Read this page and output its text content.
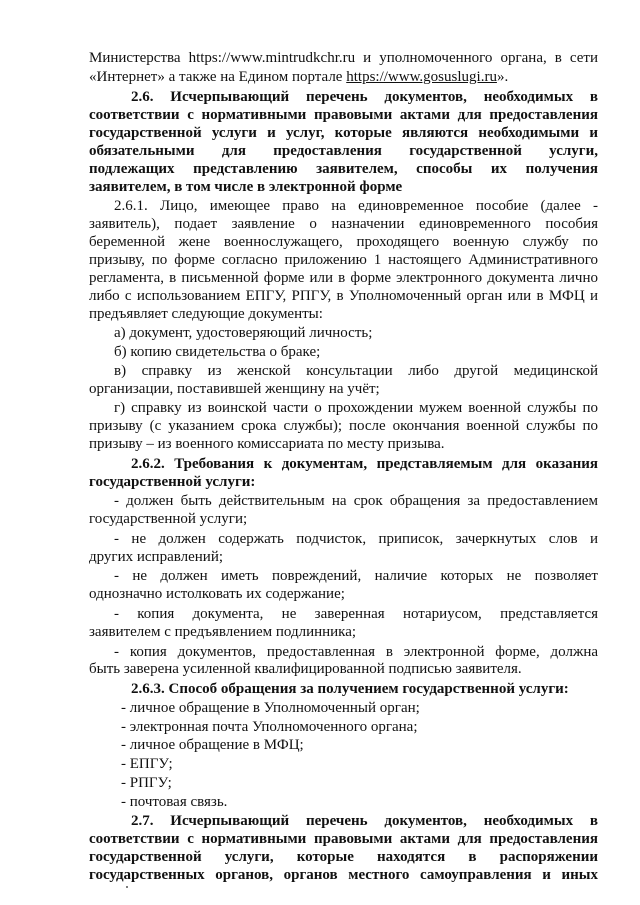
Министерства https://www.mintrudkchr.ru и уполномоченного органа, в сети
«Интернет» а также на Едином портале https://www.gosuslugi.ru».
2.6. Исчерпывающий перечень документов, необходимых в
соответствии с нормативными правовыми актами для предоставления
государственной услуги и услуг, которые являются необходимыми и
обязательными для предоставления государственной услуги,
подлежащих представлению заявителем, способы их получения
заявителем, в том числе в электронной форме
2.6.1. Лицо, имеющее право на единовременное пособие (далее -
заявитель), подает заявление о назначении единовременного пособия
беременной жене военнослужащего, проходящего военную службу по
призыву, по форме согласно приложению 1 настоящего Административного
регламента, в письменной форме или в форме электронного документа лично
либо с использованием ЕПГУ, РПГУ, в Уполномоченный орган или в МФЦ и
предъявляет следующие документы:
а) документ, удостоверяющий личность;
б) копию свидетельства о браке;
в) справку из женской консультации либо другой медицинской
организации, поставившей женщину на учёт;
г) справку из воинской части о прохождении мужем военной службы по
призыву (с указанием срока службы); после окончания военной службы по
призыву – из военного комиссариата по месту призыва.
2.6.2. Требования к документам, представляемым для оказания
государственной услуги:
- должен быть действительным на срок обращения за предоставлением
государственной услуги;
- не должен содержать подчисток, приписок, зачеркнутых слов и
других исправлений;
- не должен иметь повреждений, наличие которых не позволяет
однозначно истолковать их содержание;
- копия документа, не заверенная нотариусом, представляется
заявителем с предъявлением подлинника;
- копия документов, предоставленная в электронной форме, должна
быть заверена усиленной квалифицированной подписью заявителя.
2.6.3. Способ обращения за получением государственной услуги:
- личное обращение в Уполномоченный орган;
- электронная почта Уполномоченного органа;
- личное обращение в МФЦ;
- ЕПГУ;
- РПГУ;
- почтовая связь.
2.7. Исчерпывающий перечень документов, необходимых в
соответствии с нормативными правовыми актами для предоставления
государственной услуги, которые находятся в распоряжении
государственных органов, органов местного самоуправления и иных
